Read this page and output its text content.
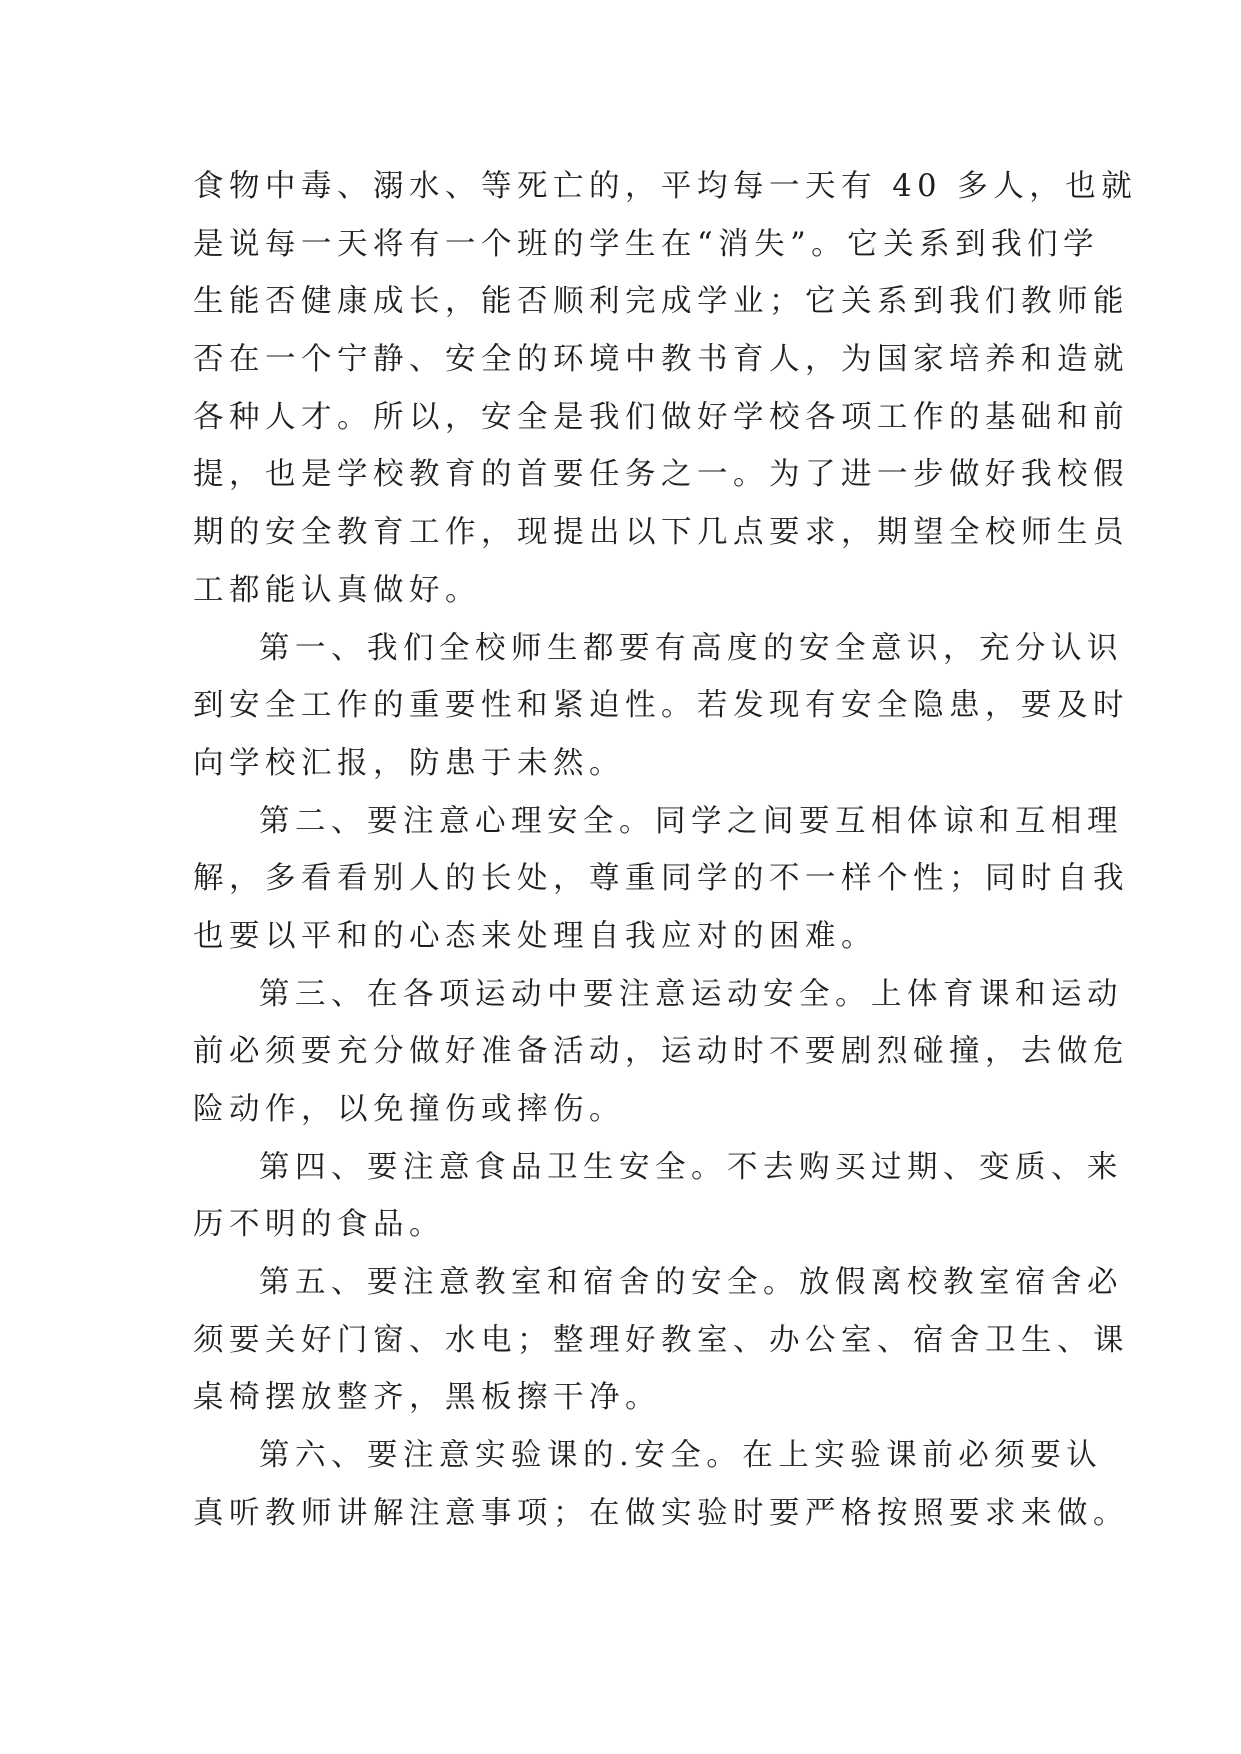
食物中毒、溺水、等死亡的，平均每一天有 40 多人，也就
是说每一天将有一个班的学生在“消失”。它关系到我们学
生能否健康成长，能否顺利完成学业；它关系到我们教师能
否在一个宁静、安全的环境中教书育人，为国家培养和造就
各种人才。所以，安全是我们做好学校各项工作的基础和前
提，也是学校教育的首要任务之一。为了进一步做好我校假
期的安全教育工作，现提出以下几点要求，期望全校师生员
工都能认真做好。
第一、我们全校师生都要有高度的安全意识，充分认识
到安全工作的重要性和紧迫性。若发现有安全隐患，要及时
向学校汇报，防患于未然。
第二、要注意心理安全。同学之间要互相体谅和互相理
解，多看看别人的长处，尊重同学的不一样个性；同时自我
也要以平和的心态来处理自我应对的困难。
第三、在各项运动中要注意运动安全。上体育课和运动
前必须要充分做好准备活动，运动时不要剧烈碰撞，去做危
险动作，以免撞伤或摔伤。
第四、要注意食品卫生安全。不去购买过期、变质、来
历不明的食品。
第五、要注意教室和宿舍的安全。放假离校教室宿舍必
须要关好门窗、水电；整理好教室、办公室、宿舍卫生、课
桌椅摆放整齐，黑板擦干净。
第六、要注意实验课的.安全。在上实验课前必须要认
真听教师讲解注意事项；在做实验时要严格按照要求来做。
